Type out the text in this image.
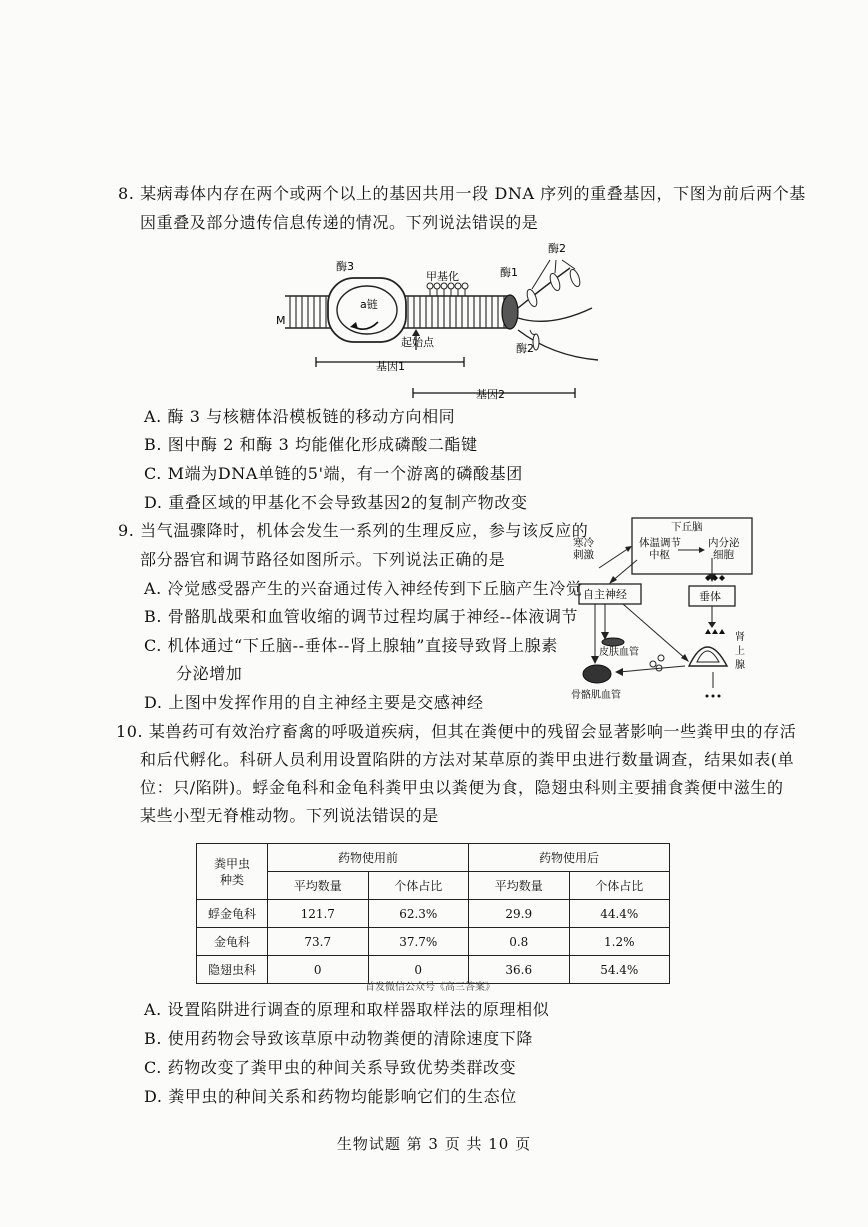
8. 某病毒体内存在两个或两个以上的基因共用一段 DNA 序列的重叠基因，下图为前后两个基
因重叠及部分遗传信息传递的情况。下列说法错误的是
M
酶3
a链
甲基化	酶1
酶2
酶2
起始点
基因1
基因2
A. 酶 3 与核糖体沿模板链的移动方向相同
B. 图中酶 2 和酶 3 均能催化形成磷酸二酯键
C. M端为DNA单链的5'端，有一个游离的磷酸基团
D. 重叠区域的甲基化不会导致基因2的复制产物改变
9. 当气温骤降时，机体会发生一系列的生理反应，参与该反应的
部分器官和调节路径如图所示。下列说法正确的是
A. 冷觉感受器产生的兴奋通过传入神经传到下丘脑产生冷觉
B. 骨骼肌战栗和血管收缩的调节过程均属于神经--体液调节
C. 机体通过“下丘脑--垂体--肾上腺轴”直接导致肾上腺素
分泌增加
D. 上图中发挥作用的自主神经主要是交感神经
下丘脑
体温调节
中枢
内分泌
细胞
寒冷
刺激
自主神经	垂体
皮肤血管
骨骼肌血管
肾
上
腺
10. 某兽药可有效治疗畜禽的呼吸道疾病，但其在粪便中的残留会显著影响一些粪甲虫的存活
和后代孵化。科研人员利用设置陷阱的方法对某草原的粪甲虫进行数量调查，结果如表(单
位：只/陷阱)。蜉金龟科和金龟科粪甲虫以粪便为食，隐翅虫科则主要捕食粪便中滋生的
某些小型无脊椎动物。下列说法错误的是
粪甲虫
种类	药物使用前		药物使用后	
	平均数量	个体占比	平均数量	个体占比
蜉金龟科	121.7	62.3%	29.9	44.4%
金龟科	73.7	37.7%	0.8	1.2%
隐翅虫科	0	0	36.6	54.4%
首发微信公众号《高三答案》
A. 设置陷阱进行调查的原理和取样器取样法的原理相似
B. 使用药物会导致该草原中动物粪便的清除速度下降
C. 药物改变了粪甲虫的种间关系导致优势类群改变
D. 粪甲虫的种间关系和药物均能影响它们的生态位
生物试题 第 3 页 共 10 页
